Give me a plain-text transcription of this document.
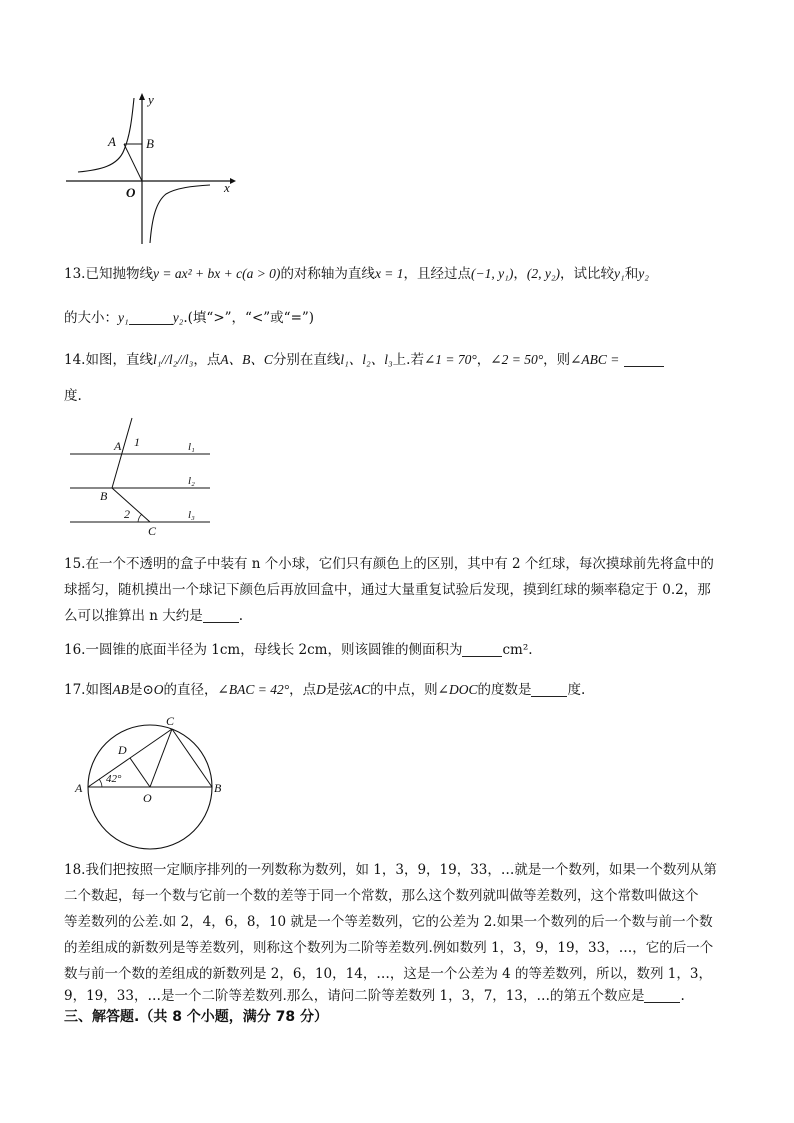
y
A B
O	x
13.已知抛物线y = ax² + bx + c(a > 0)的对称轴为直线x = 1，且经过点(−1, y₁)，(2, y₂)，试比较y₁和y₂
的大小：y₁	y₂.(填“>”，“<”或“=”)
14.如图，直线l₁//l₂//l₃，点A、B、C分别在直线l₁、l₂、l₃上.若∠1 = 70°，∠2 = 50°，则∠ABC =
度.
A 1	l₁
l₂
B
2	l₃
C
15.在一个不透明的盒子中装有 n 个小球，它们只有颜色上的区别，其中有 2 个红球，每次摸球前先将盒中的
球摇匀，随机摸出一个球记下颜色后再放回盒中，通过大量重复试验后发现，摸到红球的频率稳定于 0.2，那
么可以推算出 n 大约是	.
16.一圆锥的底面半径为 1cm，母线长 2cm，则该圆锥的侧面积为	cm².
17.如图AB是⊙O的直径，∠BAC = 42°，点D是弦AC的中点，则∠DOC的度数是	度.
C
D
42°
A
O
B
18.我们把按照一定顺序排列的一列数称为数列，如 1，3，9，19，33，…就是一个数列，如果一个数列从第
二个数起，每一个数与它前一个数的差等于同一个常数，那么这个数列就叫做等差数列，这个常数叫做这个
等差数列的公差.如 2，4，6，8，10 就是一个等差数列，它的公差为 2.如果一个数列的后一个数与前一个数
的差组成的新数列是等差数列，则称这个数列为二阶等差数列.例如数列 1，3，9，19，33，…，它的后一个
数与前一个数的差组成的新数列是 2，6，10，14，…，这是一个公差为 4 的等差数列，所以，数列 1，3，
9，19，33，…是一个二阶等差数列.那么，请问二阶等差数列 1，3，7，13，…的第五个数应是	.
三、解答题.（共 8 个小题，满分 78 分）
